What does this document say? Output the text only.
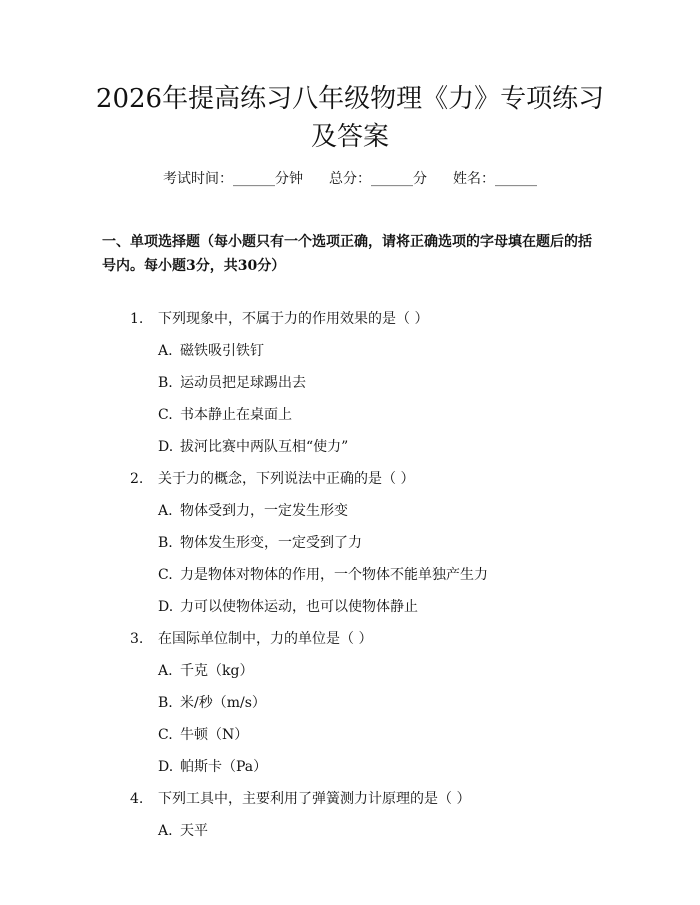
2026年提高练习八年级物理《力》专项练习
及答案
考试时间：______分钟 总分：______分 姓名：______
一、单项选择题（每小题只有一个选项正确，请将正确选项的字母填在题后的括号内。每小题3分，共30分）
1. 下列现象中，不属于力的作用效果的是（ ）
A. 磁铁吸引铁钉
B. 运动员把足球踢出去
C. 书本静止在桌面上
D. 拔河比赛中两队互相“使力”
2. 关于力的概念，下列说法中正确的是（ ）
A. 物体受到力，一定发生形变
B. 物体发生形变，一定受到了力
C. 力是物体对物体的作用，一个物体不能单独产生力
D. 力可以使物体运动，也可以使物体静止
3. 在国际单位制中，力的单位是（ ）
A. 千克（kg）
B. 米/秒（m/s）
C. 牛顿（N）
D. 帕斯卡（Pa）
4. 下列工具中，主要利用了弹簧测力计原理的是（ ）
A. 天平
